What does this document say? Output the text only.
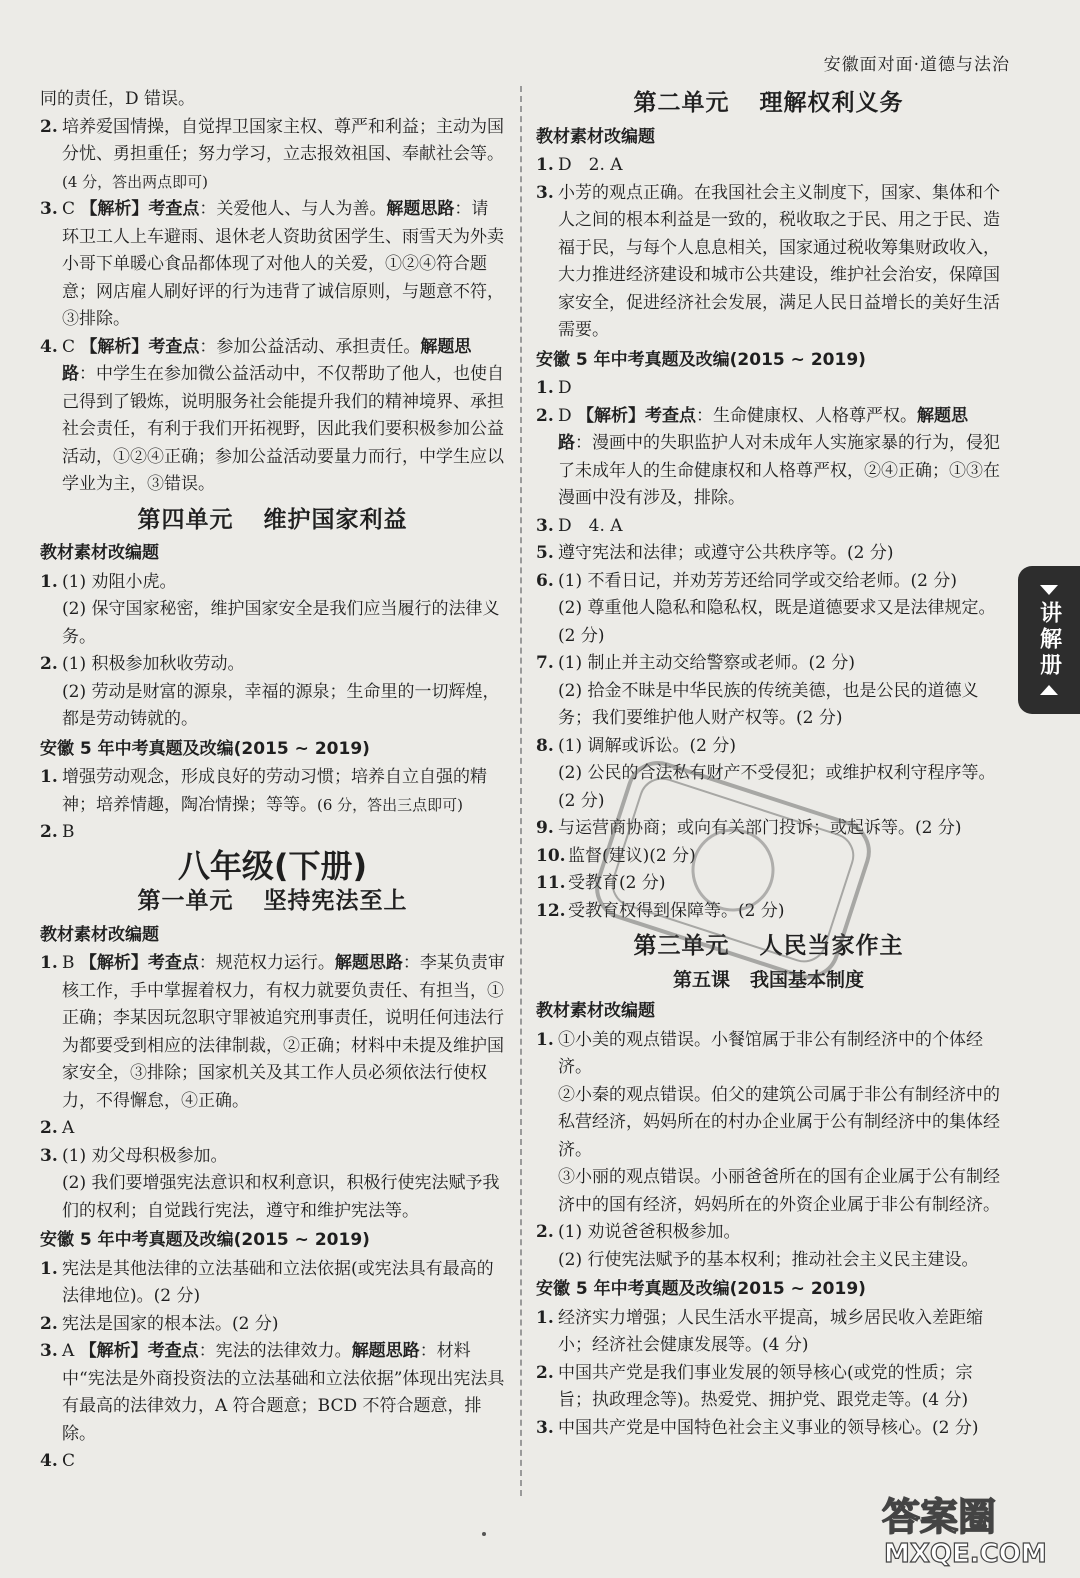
安徽面对面·道德与法治
同的责任，D 错误。
2. 培养爱国情操，自觉捍卫国家主权、尊严和利益；主动为国分忧、勇担重任；努力学习，立志报效祖国、奉献社会等。(4 分，答出两点即可)
3. C 【解析】考查点：关爱他人、与人为善。解题思路：请环卫工人上车避雨、退休老人资助贫困学生、雨雪天为外卖小哥下单暖心食品都体现了对他人的关爱，①②④符合题意；网店雇人刷好评的行为违背了诚信原则，与题意不符，③排除。
4. C 【解析】考查点：参加公益活动、承担责任。解题思路：中学生在参加微公益活动中，不仅帮助了他人，也使自己得到了锻炼，说明服务社会能提升我们的精神境界、承担社会责任，有利于我们开拓视野，因此我们要积极参加公益活动，①②④正确；参加公益活动要量力而行，中学生应以学业为主，③错误。
第四单元 维护国家利益
教材素材改编题
1. (1) 劝阻小虎。
(2) 保守国家秘密，维护国家安全是我们应当履行的法律义务。
2. (1) 积极参加秋收劳动。
(2) 劳动是财富的源泉，幸福的源泉；生命里的一切辉煌，都是劳动铸就的。
安徽 5 年中考真题及改编(2015 ~ 2019)
1. 增强劳动观念，形成良好的劳动习惯；培养自立自强的精神；培养情趣，陶冶情操；等等。(6 分，答出三点即可)
2. B
八年级(下册)
第一单元 坚持宪法至上
教材素材改编题
1. B 【解析】考查点：规范权力运行。解题思路：李某负责审核工作，手中掌握着权力，有权力就要负责任、有担当，①正确；李某因玩忽职守罪被追究刑事责任，说明任何违法行为都要受到相应的法律制裁，②正确；材料中未提及维护国家安全，③排除；国家机关及其工作人员必须依法行使权力，不得懈怠，④正确。
2. A
3. (1) 劝父母积极参加。
(2) 我们要增强宪法意识和权利意识，积极行使宪法赋予我们的权利；自觉践行宪法，遵守和维护宪法等。
安徽 5 年中考真题及改编(2015 ~ 2019)
1. 宪法是其他法律的立法基础和立法依据(或宪法具有最高的法律地位)。(2 分)
2. 宪法是国家的根本法。(2 分)
3. A 【解析】考查点：宪法的法律效力。解题思路：材料中“宪法是外商投资法的立法基础和立法依据”体现出宪法具有最高的法律效力，A 符合题意；BCD 不符合题意，排除。
4. C
第二单元 理解权利义务
教材素材改编题
1. D　2. A
3. 小芳的观点正确。在我国社会主义制度下，国家、集体和个人之间的根本利益是一致的，税收取之于民、用之于民、造福于民，与每个人息息相关，国家通过税收筹集财政收入，大力推进经济建设和城市公共建设，维护社会治安，保障国家安全，促进经济社会发展，满足人民日益增长的美好生活需要。
安徽 5 年中考真题及改编(2015 ~ 2019)
1. D
2. D 【解析】考查点：生命健康权、人格尊严权。解题思路：漫画中的失职监护人对未成年人实施家暴的行为，侵犯了未成年人的生命健康权和人格尊严权，②④正确；①③在漫画中没有涉及，排除。
3. D　4. A
5. 遵守宪法和法律；或遵守公共秩序等。(2 分)
6. (1) 不看日记，并劝芳芳还给同学或交给老师。(2 分)
(2) 尊重他人隐私和隐私权，既是道德要求又是法律规定。(2 分)
7. (1) 制止并主动交给警察或老师。(2 分)
(2) 拾金不昧是中华民族的传统美德，也是公民的道德义务；我们要维护他人财产权等。(2 分)
8. (1) 调解或诉讼。(2 分)
(2) 公民的合法私有财产不受侵犯；或维护权利守程序等。(2 分)
9. 与运营商协商；或向有关部门投诉；或起诉等。(2 分)
10. 监督(建议)(2 分)
11. 受教育(2 分)
12. 受教育权得到保障等。(2 分)
第三单元 人民当家作主
第五课 我国基本制度
教材素材改编题
1. ①小美的观点错误。小餐馆属于非公有制经济中的个体经济。
②小秦的观点错误。伯父的建筑公司属于非公有制经济中的私营经济，妈妈所在的村办企业属于公有制经济中的集体经济。
③小丽的观点错误。小丽爸爸所在的国有企业属于公有制经济中的国有经济，妈妈所在的外资企业属于非公有制经济。
2. (1) 劝说爸爸积极参加。
(2) 行使宪法赋予的基本权利；推动社会主义民主建设。
安徽 5 年中考真题及改编(2015 ~ 2019)
1. 经济实力增强；人民生活水平提高，城乡居民收入差距缩小；经济社会健康发展等。(4 分)
2. 中国共产党是我们事业发展的领导核心(或党的性质；宗旨；执政理念等)。热爱党、拥护党、跟党走等。(4 分)
3. 中国共产党是中国特色社会主义事业的领导核心。(2 分)
讲解册
答案圈
MXQE.COM
